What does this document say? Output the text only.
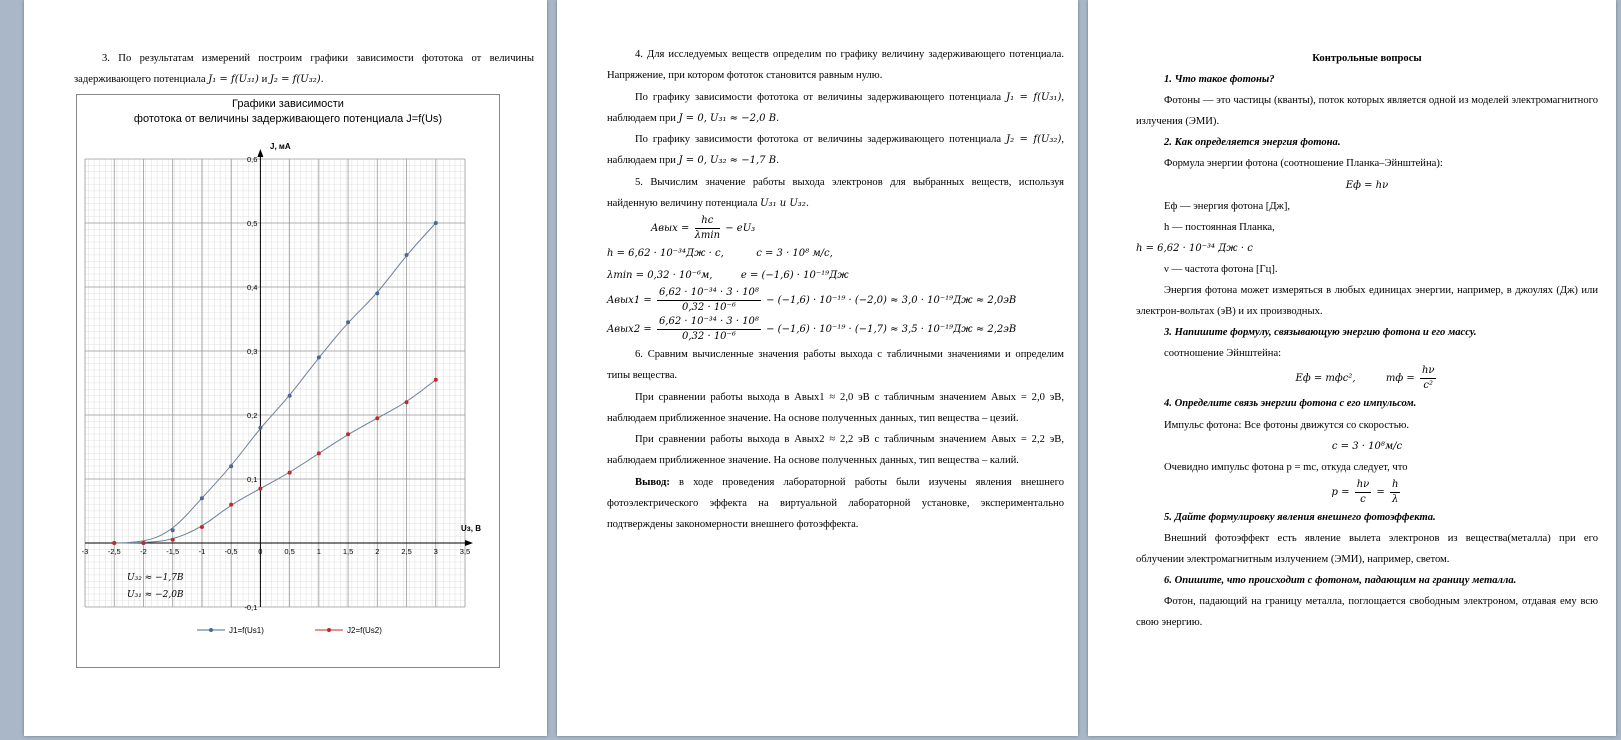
3. По результатам измерений построим графики зависимости фототока от величины задерживающего потенциала J₁ = f(U₃₁) и J₂ = f(U₃₂).

Графики зависимости
фототока от величины задерживающего потенциала J=f(Us)
-3	-2,5	-2	-1,5	-1	-0,5	0	0,5	1	1,5	2	2,5	3	3,5
-0,1
0,1
0,2
0,3
0,4
0,5
0,6
J, мА
Uз, В
U₃₂ ≈ −1,7В
U₃₁ ≈ −2,0В
J1=f(Us1)	J2=f(Us2)

4. Для исследуемых веществ определим по графику величину задерживающего потенциала. Напряжение, при котором фототок становится равным нулю.

По графику зависимости фототока от величины задерживающего потенциала J₁ = f(U₃₁), наблюдаем при J = 0, U₃₁ ≈ −2,0 В.

По графику зависимости фототока от величины задерживающего потенциала J₂ = f(U₃₂), наблюдаем при J = 0, U₃₂ ≈ −1,7 В.

5. Вычислим значение работы выхода электронов для выбранных веществ, используя найденную величину потенциала U₃₁ и U₃₂.

Aвых = $\frac{hc}{\lambda\min} - eU_3$
h = 6,62 · 10⁻³⁴Дж · с,	c = 3 · 10⁸ м/с,
λmin = 0,32 · 10⁻⁶м,	e = (−1,6) · 10⁻¹⁹Дж
Aвых1 = $\frac{\text{6,62 · 10⁻³⁴ · 3 · 10⁸}}{\text{0,32 · 10⁻⁶}} - (-1,6) \cdot 10^{-19} \cdot (-2,0) \approx 3,0 \cdot 10^{-19}Дж \approx 2,0эВ$
Aвых2 = $\frac{\text{6,62 · 10⁻³⁴ · 3 · 10⁸}}{\text{0,32 · 10⁻⁶}} - (-1,6) \cdot 10^{-19} \cdot (-1,7) \approx 3,5 \cdot 10^{-19}Дж \approx 2,2эВ$

6. Сравним вычисленные значения работы выхода с табличными значениями и определим типы вещества.

При сравнении работы выхода в Aвых1 ≈ 2,0 эВ с табличным значением Aвых = 2,0 эВ, наблюдаем приближенное значение. На основе полученных данных, тип вещества – цезий.

При сравнении работы выхода в Aвых2 ≈ 2,2 эВ с табличным значением Aвых = 2,2 эВ, наблюдаем приближенное значение. На основе полученных данных, тип вещества – калий.

Вывод: в ходе проведения лабораторной работы были изучены явления внешнего фотоэлектрического эффекта на виртуальной лабораторной установке, экспериментально подтверждены закономерности внешнего фотоэффекта.

Контрольные вопросы

1. Что такое фотоны?

Фотоны — это частицы (кванты), поток которых является одной из моделей электромагнитного излучения (ЭМИ).

2. Как определяется энергия фотона.

Формула энергии фотона (соотношение Планка–Эйнштейна):

Eф = hν

Eф — энергия фотона [Дж],

h — постоянная Планка,

h = 6,62 · 10⁻³⁴ Дж · с

ν — частота фотона [Гц].

Энергия фотона может измеряться в любых единицах энергии, например, в джоулях (Дж) или электрон-вольтах (эВ) и их производных.

3. Напишите формулу, связывающую энергию фотона и его массу.

соотношение Эйнштейна:

Eф = mфc²,	mф = $\frac{h\nu}{\text{c²}}$

4. Определите связь энергии фотона с его импульсом.

Импульс фотона: Все фотоны движутся со скоростью.

c = 3 · 10⁸м/с

Очевидно импульс фотона p = mc, откуда следует, что

$p = \frac{h\nu}{c} = \frac{h}{\lambda}$

5. Дайте формулировку явления внешнего фотоэффекта.

Внешний фотоэффект есть явление вылета электронов из вещества(металла) при его облучении электромагнитным излучением (ЭМИ), например, светом.

6. Опишите, что происходит с фотоном, падающим на границу металла.

Фотон, падающий на границу металла, поглощается свободным электроном, отдавая ему всю свою энергию.
